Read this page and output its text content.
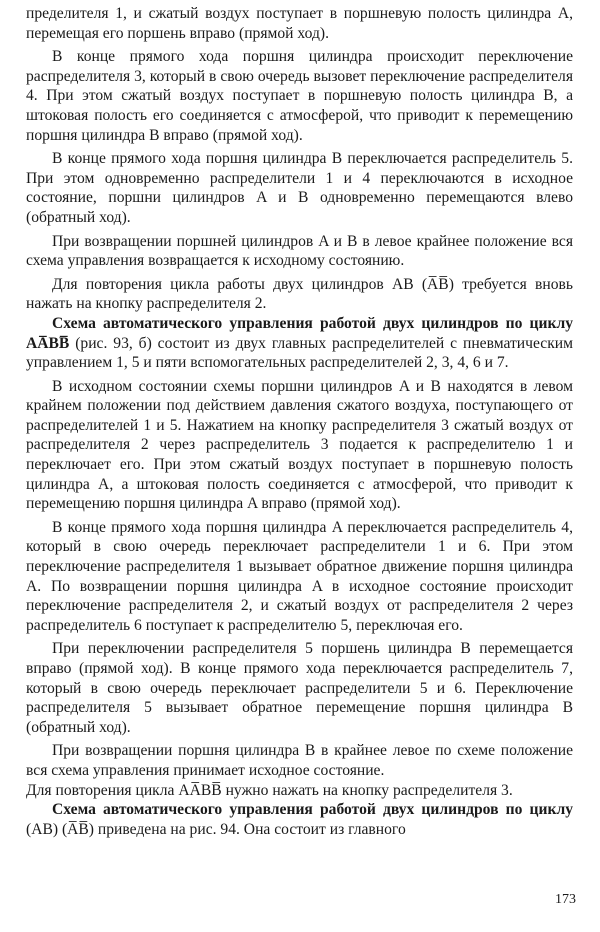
пределителя 1, и сжатый воздух поступает в поршневую полость цилиндра A, перемещая его поршень вправо (прямой ход).

В конце прямого хода поршня цилиндра происходит переключение распределителя 3, который в свою очередь вызовет переключение распределителя 4. При этом сжатый воздух поступает в поршневую полость цилиндра B, а штоковая полость его соединяется с атмосферой, что приводит к перемещению поршня цилиндра B вправо (прямой ход).

В конце прямого хода поршня цилиндра B переключается распределитель 5. При этом одновременно распределители 1 и 4 переключаются в исходное состояние, поршни цилиндров A и B одновременно перемещаются влево (обратный ход).

При возвращении поршней цилиндров A и B в левое крайнее положение вся схема управления возвращается к исходному состоянию.

Для повторения цикла работы двух цилиндров AB (A̅B̅) требуется вновь нажать на кнопку распределителя 2.

Схема автоматического управления работой двух цилиндров по циклу AA̅BB̅ (рис. 93, б) состоит из двух главных распределителей с пневматическим управлением 1, 5 и пяти вспомогательных распределителей 2, 3, 4, 6 и 7.

В исходном состоянии схемы поршни цилиндров A и B находятся в левом крайнем положении под действием давления сжатого воздуха, поступающего от распределителей 1 и 5. Нажатием на кнопку распределителя 3 сжатый воздух от распределителя 2 через распределитель 3 подается к распределителю 1 и переключает его. При этом сжатый воздух поступает в поршневую полость цилиндра A, а штоковая полость соединяется с атмосферой, что приводит к перемещению поршня цилиндра A вправо (прямой ход).

В конце прямого хода поршня цилиндра A переключается распределитель 4, который в свою очередь переключает распределители 1 и 6. При этом переключение распределителя 1 вызывает обратное движение поршня цилиндра A. По возвращении поршня цилиндра A в исходное состояние происходит переключение распределителя 2, и сжатый воздух от распределителя 2 через распределитель 6 поступает к распределителю 5, переключая его.

При переключении распределителя 5 поршень цилиндра B перемещается вправо (прямой ход). В конце прямого хода переключается распределитель 7, который в свою очередь переключает распределители 5 и 6. Переключение распределителя 5 вызывает обратное перемещение поршня цилиндра B (обратный ход).

При возвращении поршня цилиндра B в крайнее левое по схеме положение вся схема управления принимает исходное состояние.

Для повторения цикла AA̅BB̅ нужно нажать на кнопку распределителя 3.

Схема автоматического управления работой двух цилиндров по циклу (AB) (A̅B̅) приведена на рис. 94. Она состоит из главного

173
